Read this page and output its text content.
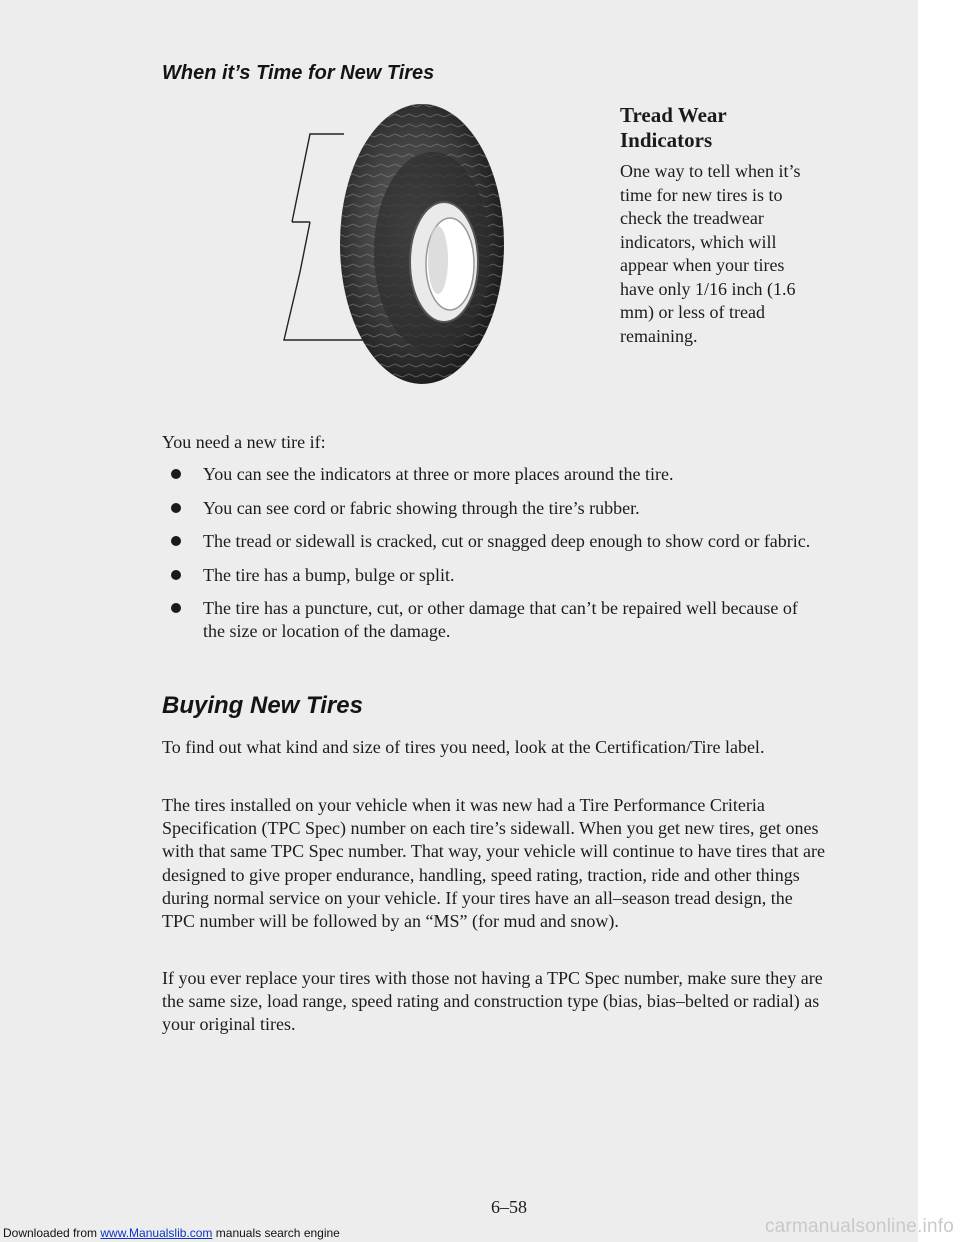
When it’s Time for New Tires
Tread Wear Indicators

One way to tell when it’s time for new tires is to check the treadwear indicators, which will appear when your tires have only 1/16 inch (1.6 mm) or less of tread remaining.

You need a new tire if:

You can see the indicators at three or more places around the tire.
You can see cord or fabric showing through the tire’s rubber.
The tread or sidewall is cracked, cut or snagged deep enough to show cord or fabric.
The tire has a bump, bulge or split.
The tire has a puncture, cut, or other damage that can’t be repaired well because of the size or location of the damage.
Buying New Tires

To find out what kind and size of tires you need, look at the Certification/Tire label.

The tires installed on your vehicle when it was new had a Tire Performance Criteria Specification (TPC Spec) number on each tire’s sidewall. When you get new tires, get ones with that same TPC Spec number. That way, your vehicle will continue to have tires that are designed to give proper endurance, handling, speed rating, traction, ride and other things during normal service on your vehicle. If your tires have an all–season tread design, the TPC number will be followed by an “MS” (for mud and snow).

If you ever replace your tires with those not having a TPC Spec number, make sure they are the same size, load range, speed rating and construction type (bias, bias–belted or radial) as your original tires.

6–58

Downloaded from www.Manualslib.com manuals search engine	carmanualsonline.info
